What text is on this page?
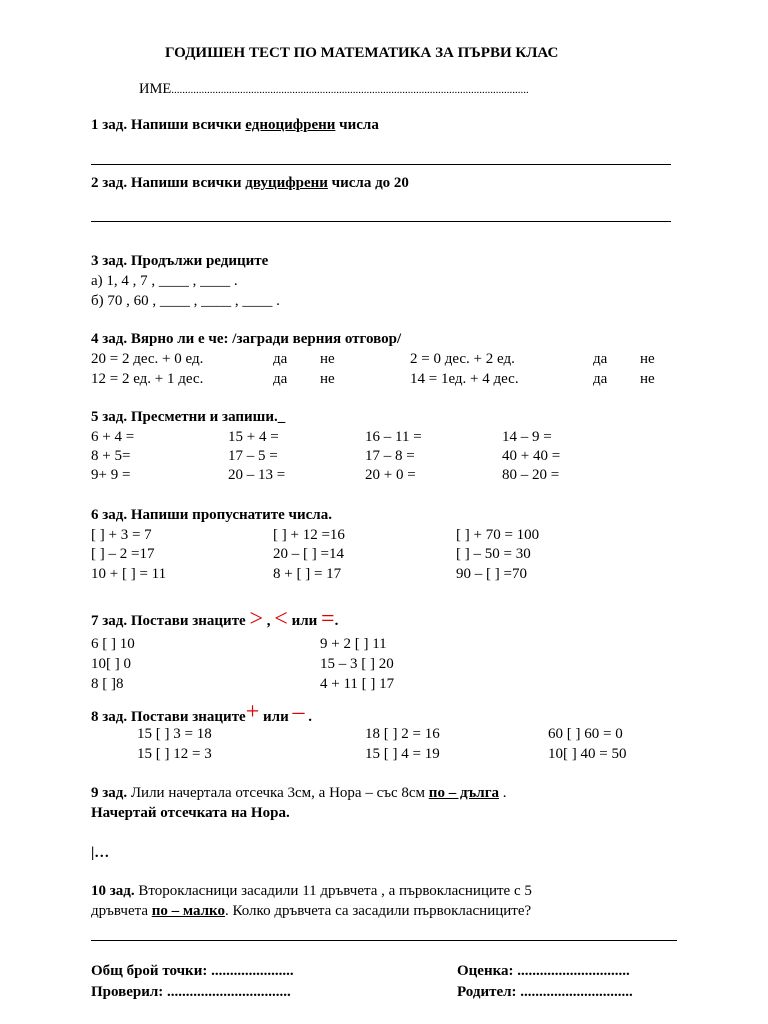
ГОДИШЕН ТЕСТ ПО МАТЕМАТИКА ЗА ПЪРВИ КЛАС
ИМЕ..................................................................................................................................
1 зад. Напиши всички едноцифрени числа
2 зад. Напиши всички двуцифрени числа до 20
3 зад. Продължи редиците
а) 1, 4 , 7 , ____ , ____ .
б) 70 , 60 , ____ , ____ , ____ .
4 зад. Вярно ли е че: /загради верния отговор/
20 = 2 дес. + 0 ед.	да не	2 = 0 дес. + 2 ед.	да не
12 = 2 ед. + 1 дес.	да не	14 = 1ед. + 4 дес.	да не
5 зад. Пресметни и запиши._
6 + 4 =	15 + 4 =	16 – 11 =	14 – 9 =
8 + 5=	17 – 5 =	17 – 8 =	40 + 40 =
9+ 9 =	20 – 13 =	20 + 0 =	80 – 20 =
6 зад. Напиши пропуснатите числа.
[ ] + 3 = 7	[ ] + 12 =16	[ ] + 70 = 100
[ ] – 2 =17	20 – [ ] =14	[ ] – 50 = 30
10 + [ ] = 11	8 + [ ] = 17	90 – [ ] =70
7 зад. Постави знаците > , < или =.
6 [ ] 10	9 + 2 [ ] 11
10[ ] 0	15 – 3 [ ] 20
8 [ ]8	4 + 11 [ ] 17
8 зад. Постави знаците+ или – .
15 [ ] 3 = 18	18 [ ] 2 = 16	60 [ ] 60 = 0
15 [ ] 12 = 3	15 [ ] 4 = 19	10[ ] 40 = 50
9 зад. Лили начертала отсечка 3см, а Нора – със 8см по – дълга .
Начертай отсечката на Нора.
|…
10 зад. Второкласници засадили 11 дръвчета , а първокласниците с 5
дръвчета по – малко. Колко дръвчета са засадили първокласниците?
Общ брой точки: ......................	Оценка: ..............................
Проверил: .................................	Родител: ..............................
